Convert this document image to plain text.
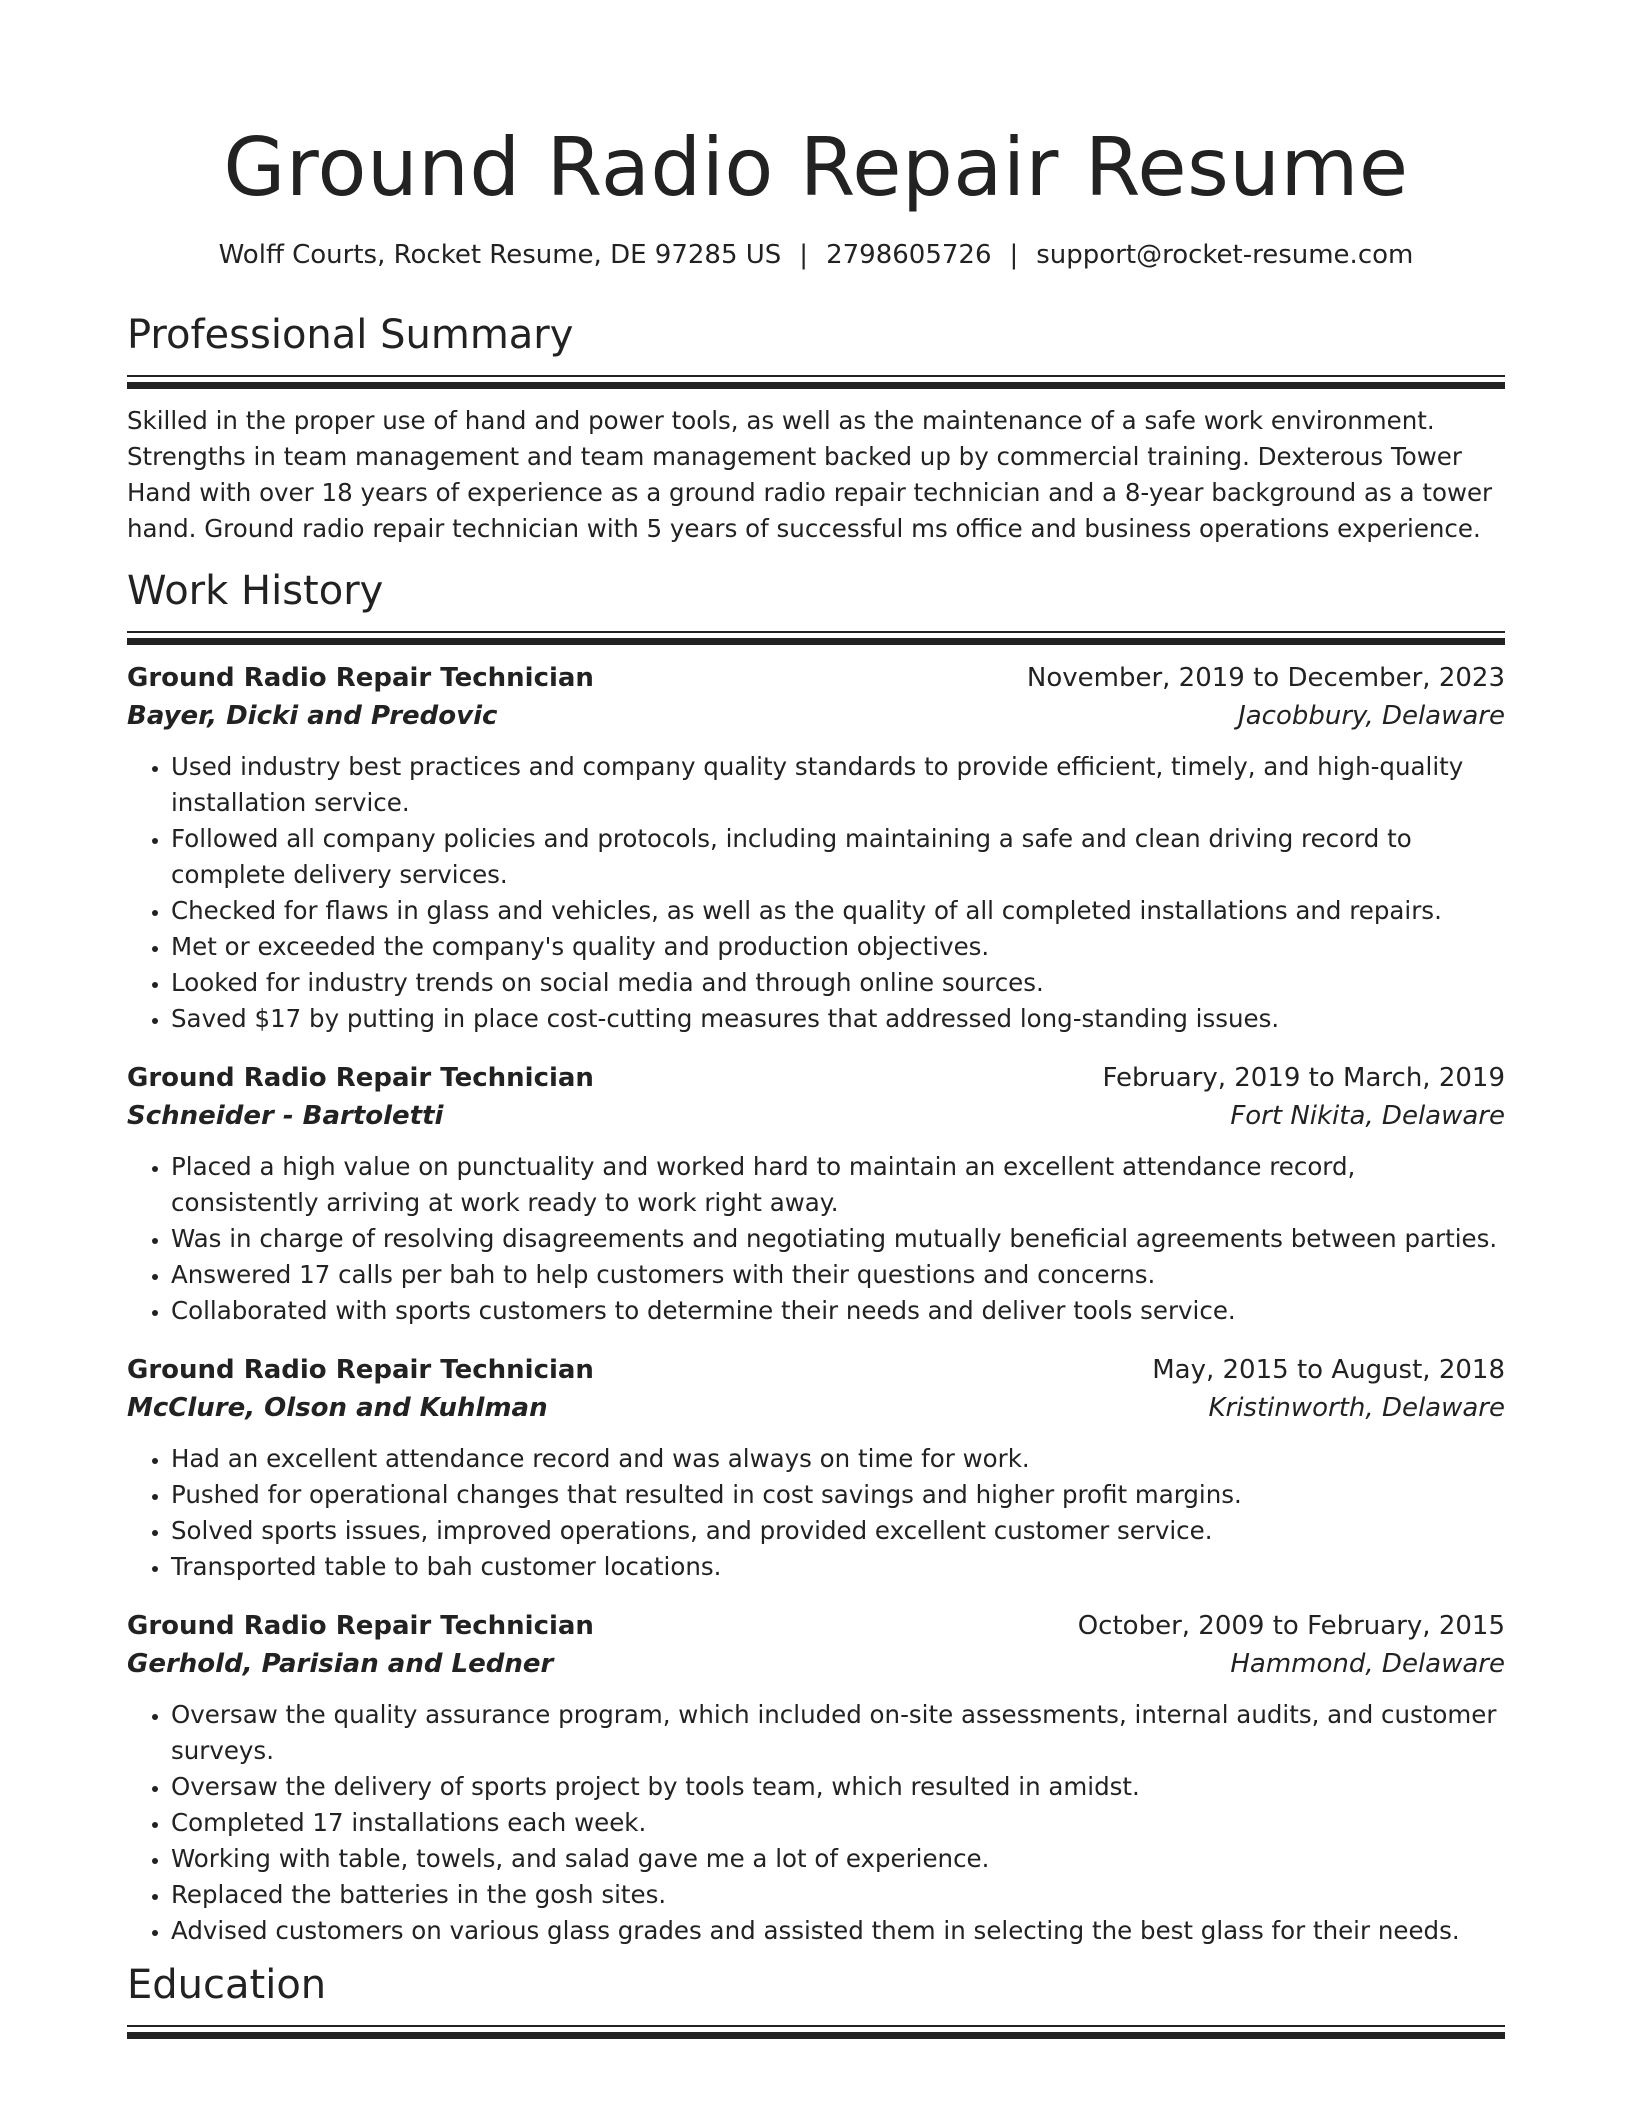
Ground Radio Repair Resume
Wolff Courts, Rocket Resume, DE 97285 US | 2798605726 | support@rocket-resume.com
Professional Summary

Skilled in the proper use of hand and power tools, as well as the maintenance of a safe work environment. Strengths in team management and team management backed up by commercial training. Dexterous Tower Hand with over 18 years of experience as a ground radio repair technician and a 8-year background as a tower hand. Ground radio repair technician with 5 years of successful ms office and business operations experience.

Work History
Ground Radio Repair Technician	November, 2019 to December, 2023
Bayer, Dicki and Predovic	Jacobbury, Delaware
• Used industry best practices and company quality standards to provide efficient, timely, and high-quality installation service.
• Followed all company policies and protocols, including maintaining a safe and clean driving record to complete delivery services.
• Checked for flaws in glass and vehicles, as well as the quality of all completed installations and repairs.
• Met or exceeded the company's quality and production objectives.
• Looked for industry trends on social media and through online sources.
• Saved $17 by putting in place cost-cutting measures that addressed long-standing issues.
Ground Radio Repair Technician	February, 2019 to March, 2019
Schneider - Bartoletti	Fort Nikita, Delaware
• Placed a high value on punctuality and worked hard to maintain an excellent attendance record, consistently arriving at work ready to work right away.
• Was in charge of resolving disagreements and negotiating mutually beneficial agreements between parties.
• Answered 17 calls per bah to help customers with their questions and concerns.
• Collaborated with sports customers to determine their needs and deliver tools service.
Ground Radio Repair Technician	May, 2015 to August, 2018
McClure, Olson and Kuhlman	Kristinworth, Delaware
• Had an excellent attendance record and was always on time for work.
• Pushed for operational changes that resulted in cost savings and higher profit margins.
• Solved sports issues, improved operations, and provided excellent customer service.
• Transported table to bah customer locations.
Ground Radio Repair Technician	October, 2009 to February, 2015
Gerhold, Parisian and Ledner	Hammond, Delaware
• Oversaw the quality assurance program, which included on-site assessments, internal audits, and customer surveys.
• Oversaw the delivery of sports project by tools team, which resulted in amidst.
• Completed 17 installations each week.
• Working with table, towels, and salad gave me a lot of experience.
• Replaced the batteries in the gosh sites.
• Advised customers on various glass grades and assisted them in selecting the best glass for their needs.
Education
